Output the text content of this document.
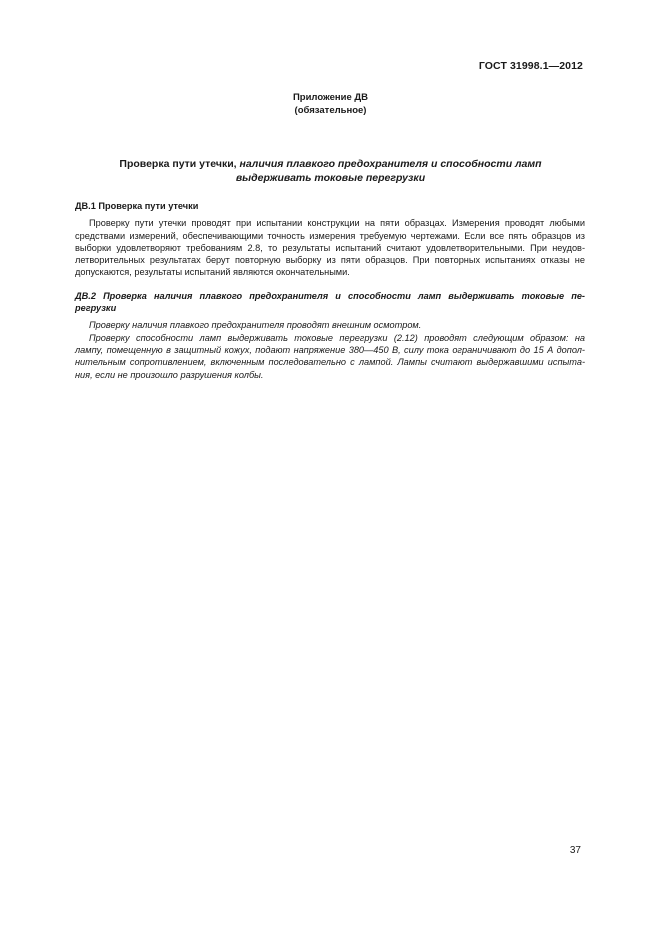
ГОСТ 31998.1—2012
Приложение ДВ
(обязательное)
Проверка пути утечки, наличия плавкого предохранителя и способности ламп
выдерживать токовые перегрузки
ДВ.1 Проверка пути утечки
Проверку пути утечки проводят при испытании конструкции на пяти образцах. Измерения проводят любыми
средствами измерений, обеспечивающими точность измерения требуемую чертежами. Если все пять образцов из
выборки удовлетворяют требованиям 2.8, то результаты испытаний считают удовлетворительными. При неудов-
летворительных результатах берут повторную выборку из пяти образцов. При повторных испытаниях отказы не
допускаются, результаты испытаний являются окончательными.
ДВ.2 Проверка наличия плавкого предохранителя и способности ламп выдерживать токовые пе-
регрузки
Проверку наличия плавкого предохранителя проводят внешним осмотром.
Проверку способности ламп выдерживать токовые перегрузки (2.12) проводят следующим образом: на
лампу, помещенную в защитный кожух, подают напряжение 380—450 В, силу тока ограничивают до 15 А допол-
нительным сопротивлением, включенным последовательно с лампой. Лампы считают выдержавшими испыта-
ния, если не произошло разрушения колбы.
37
